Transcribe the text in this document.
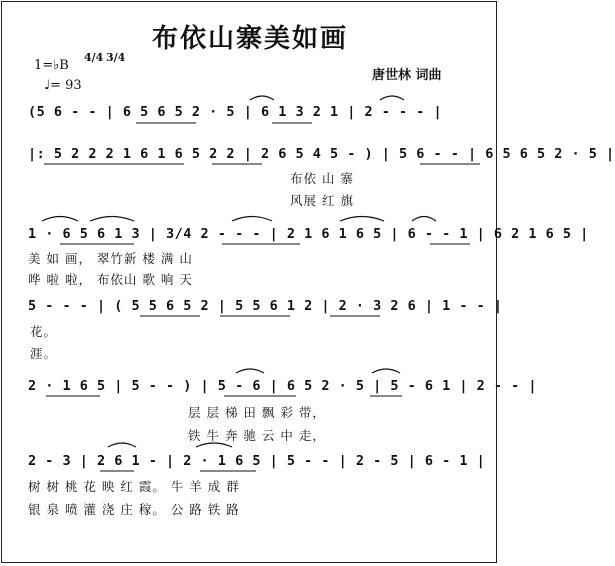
布依山寨美如画
唐世林 词曲
1=♭B
4/4 3/4
♩= 93
(5 6 - - | 6 5 6 5 2 · 5 | 6 1 3 2 1 | 2 - - - |
|: 5 2 2 2 1 6 1 6 5 2 2 | 2 6 5 4 5 - ) | 5 6 - - | 6 5 6 5 2 · 5 |
布依 山 寨
风展 红 旗
1 · 6 5 6 1 3 | 3/4 2 - - - | 2 1 6 1 6 5 | 6 - - 1 | 6 2 1 6 5 |
美 如 画， 翠竹新 楼 满 山
哗 啦 啦， 布依山 歌 响 天
5 - - - | ( 5 5 6 5 2 | 5 5 6 1 2 | 2 · 3 2 6 | 1 - - |
花。
涯。
2 · 1 6 5 | 5 - - ) | 5 - 6 | 6 5 2 · 5 | 5 - 6 1 | 2 - - |
层 层 梯 田 飘 彩 带，
铁 牛 奔 驰 云 中 走，
2 - 3 | 2 6 1 - | 2 · 1 6 5 | 5 - - | 2 - 5 | 6 - 1 |
树 树 桃 花 映 红 霞。 牛 羊 成 群
银 泉 喷 灌 浇 庄 稼。 公 路 铁 路
